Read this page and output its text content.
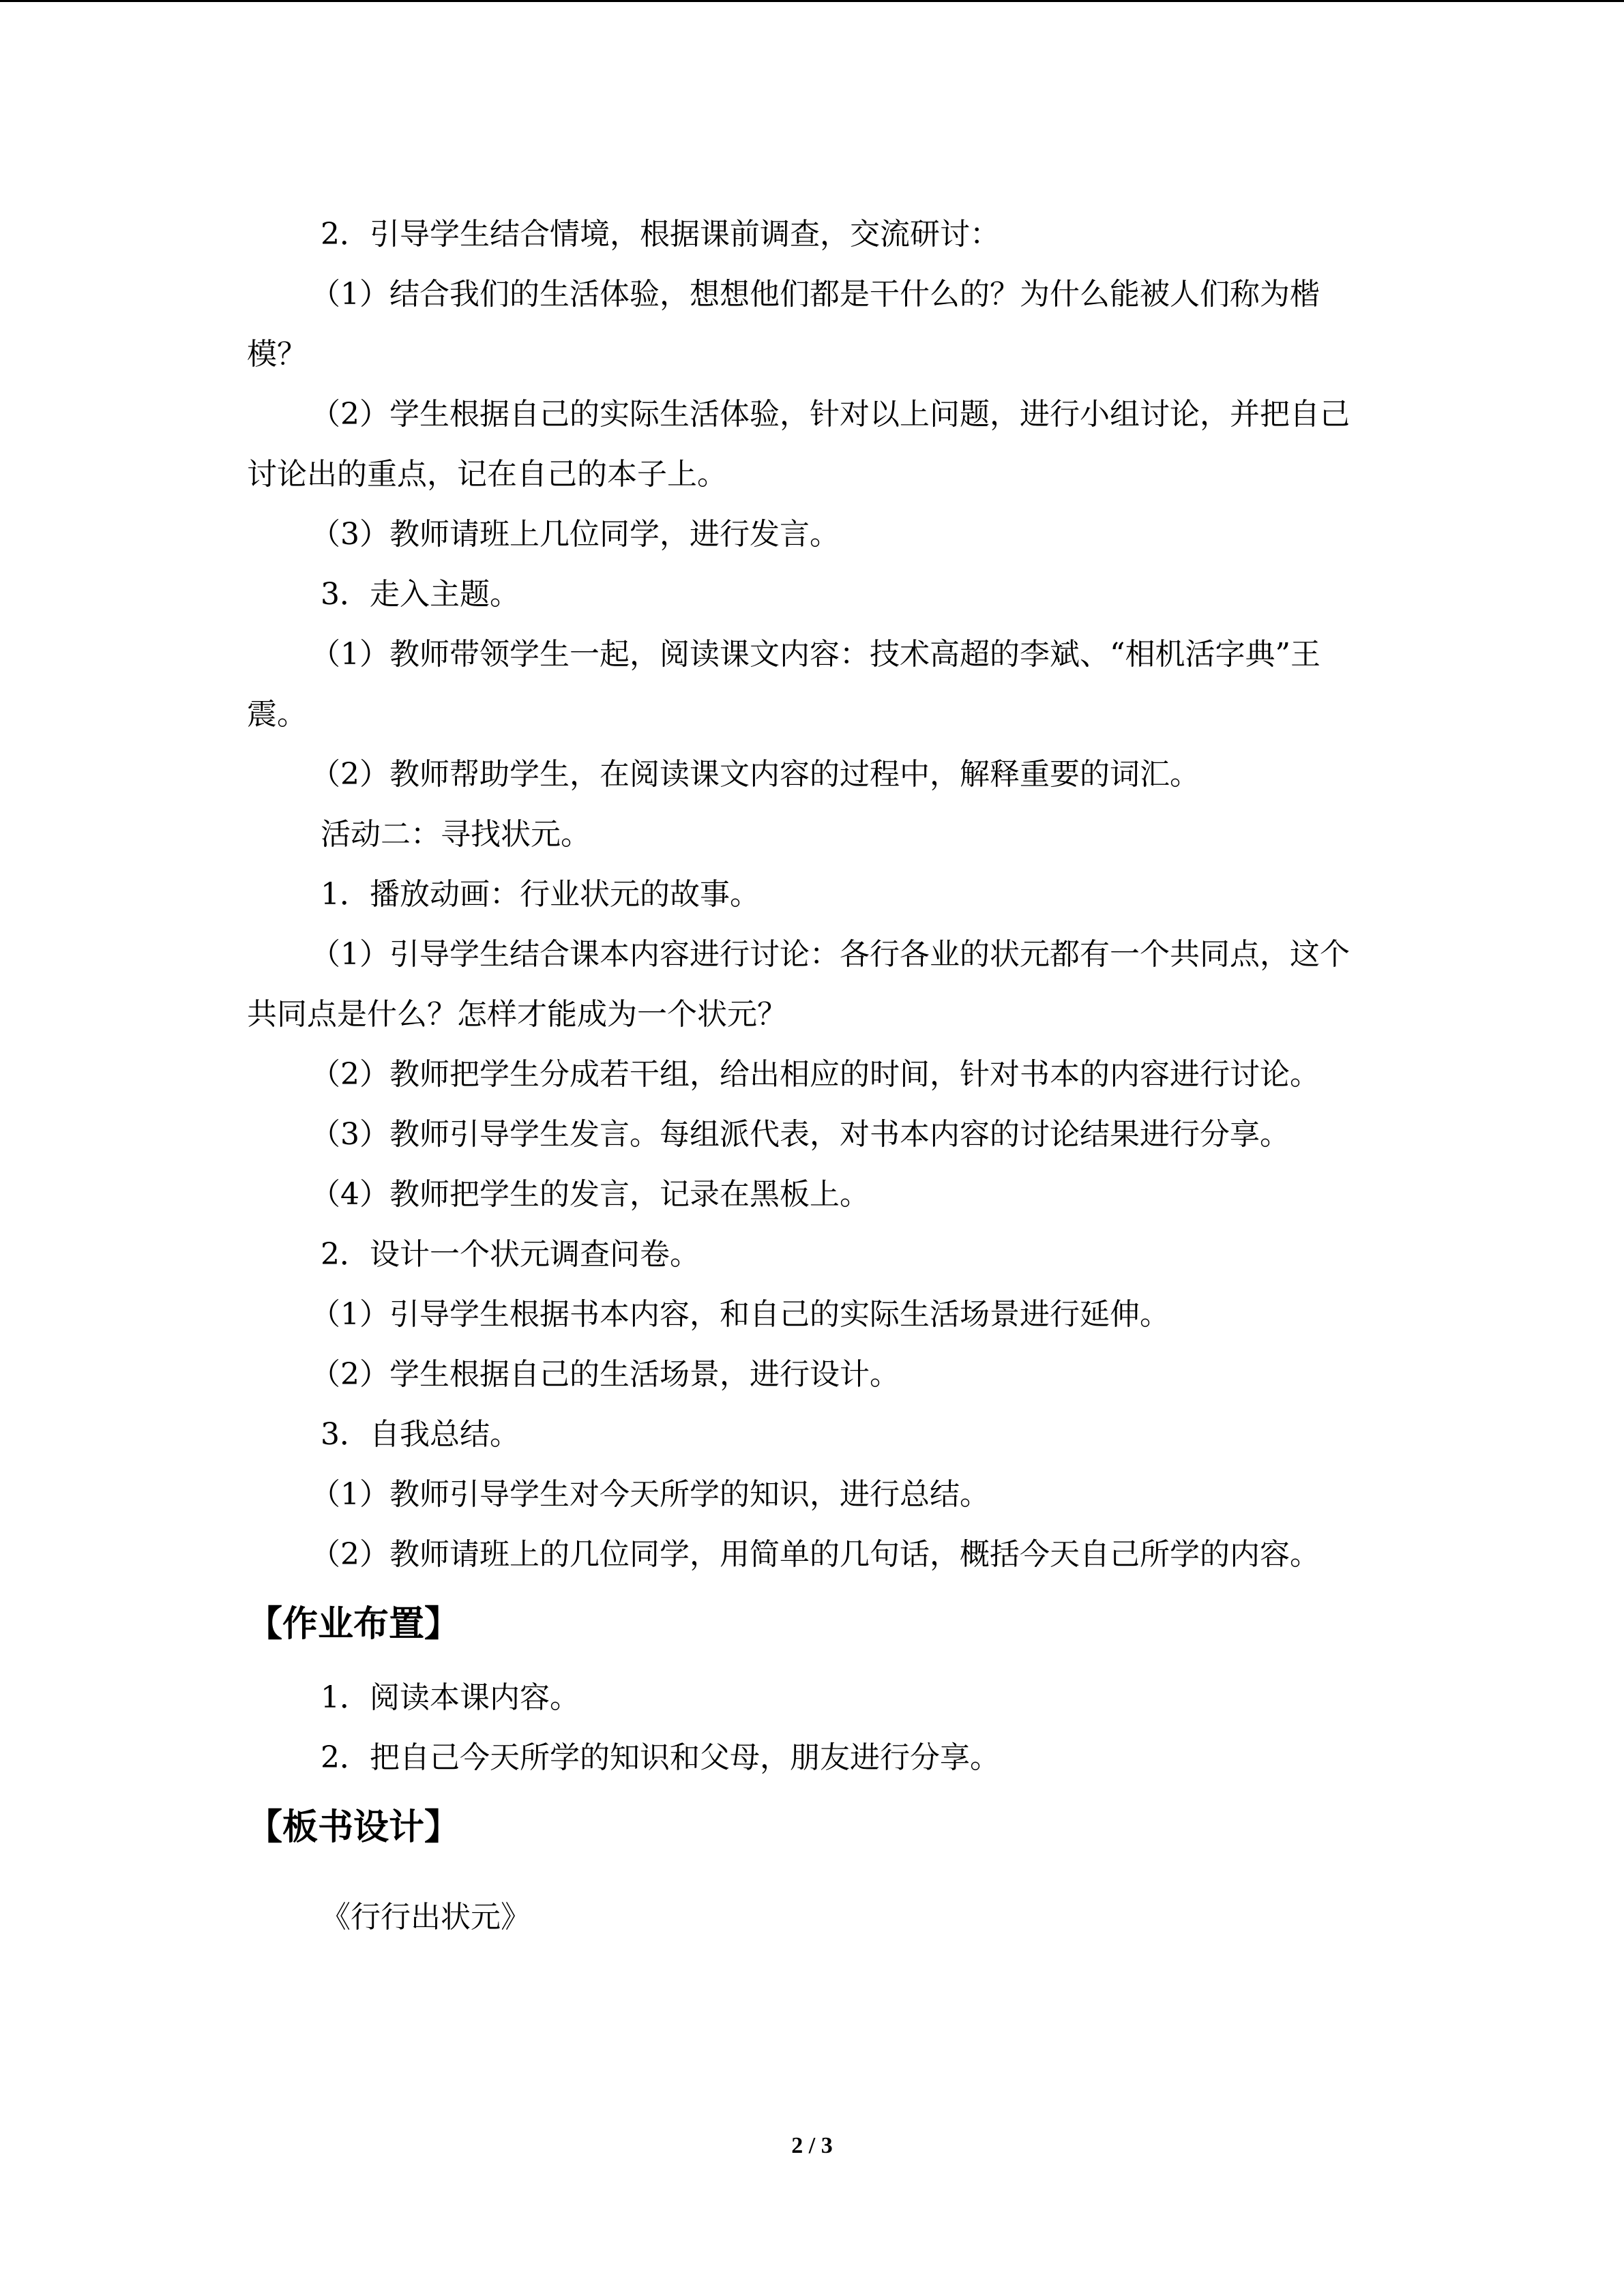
2．引导学生结合情境，根据课前调查，交流研讨：

（1）结合我们的生活体验，想想他们都是干什么的？为什么能被人们称为楷模？

（2）学生根据自己的实际生活体验，针对以上问题，进行小组讨论，并把自己讨论出的重点，记在自己的本子上。

（3）教师请班上几位同学，进行发言。

3．走入主题。

（1）教师带领学生一起，阅读课文内容：技术高超的李斌、“相机活字典”王震。

（2）教师帮助学生，在阅读课文内容的过程中，解释重要的词汇。

活动二：寻找状元。

1．播放动画：行业状元的故事。

（1）引导学生结合课本内容进行讨论：各行各业的状元都有一个共同点，这个共同点是什么？怎样才能成为一个状元？

（2）教师把学生分成若干组，给出相应的时间，针对书本的内容进行讨论。

（3）教师引导学生发言。每组派代表，对书本内容的讨论结果进行分享。

（4）教师把学生的发言，记录在黑板上。

2．设计一个状元调查问卷。

（1）引导学生根据书本内容，和自己的实际生活场景进行延伸。

（2）学生根据自己的生活场景，进行设计。

3．自我总结。

（1）教师引导学生对今天所学的知识，进行总结。

（2）教师请班上的几位同学，用简单的几句话，概括今天自己所学的内容。

【作业布置】

1．阅读本课内容。

2．把自己今天所学的知识和父母，朋友进行分享。

【板书设计】

《行行出状元》

2 / 3
